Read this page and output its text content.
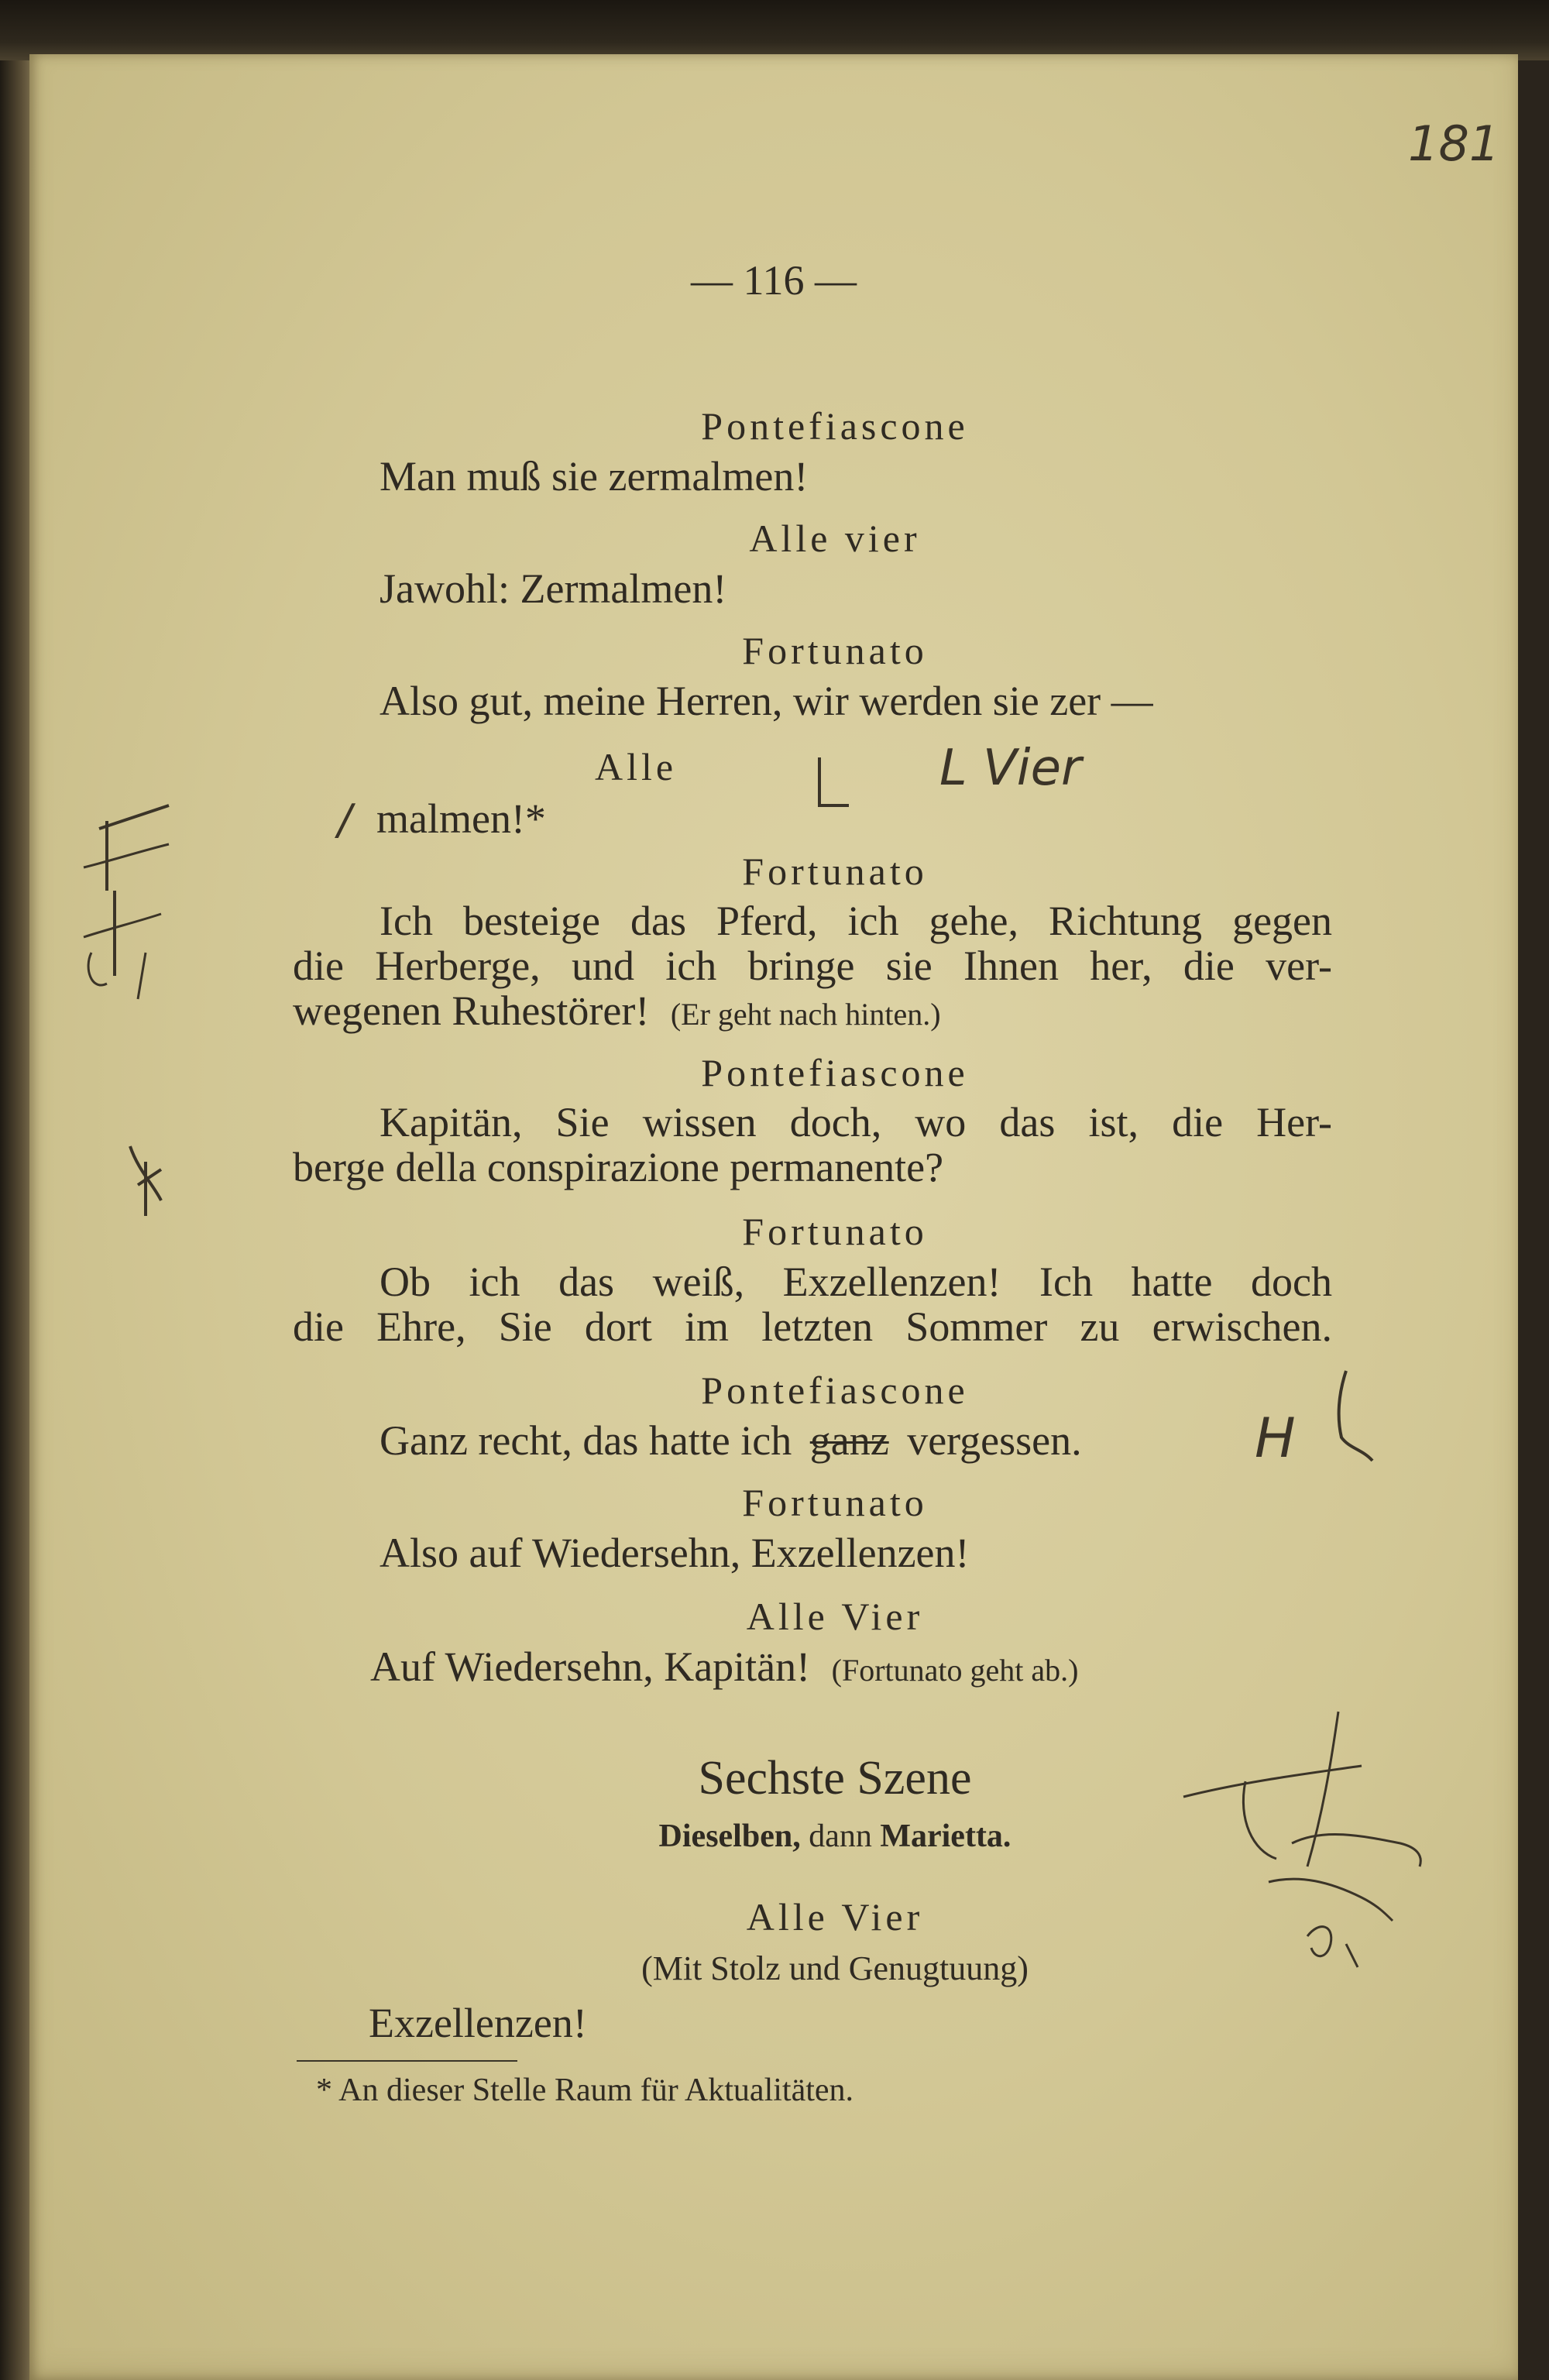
181
— 116 —
Pontefiascone
Man muß sie zermalmen!
Alle vier
Jawohl: Zermalmen!
Fortunato
Also gut, meine Herren, wir werden sie zer —
Alle	L Vier
/ malmen!*
Fortunato
Ich besteige das Pferd, ich gehe, Richtung gegen
die Herberge, und ich bringe sie Ihnen her, die ver-
wegenen Ruhestörer! (Er geht nach hinten.)
Pontefiascone
Kapitän, Sie wissen doch, wo das ist, die Her-
berge della conspirazione permanente?
Fortunato
Ob ich das weiß, Exzellenzen! Ich hatte doch
die Ehre, Sie dort im letzten Sommer zu erwischen.
Pontefiascone
Ganz recht, das hatte ich ganz vergessen.	H
Fortunato
Also auf Wiedersehn, Exzellenzen!
Alle Vier
Auf Wiedersehn, Kapitän! (Fortunato geht ab.)
Sechste Szene
Dieselben, dann Marietta.
Alle Vier
(Mit Stolz und Genugtuung)
Exzellenzen!
* An dieser Stelle Raum für Aktualitäten.
